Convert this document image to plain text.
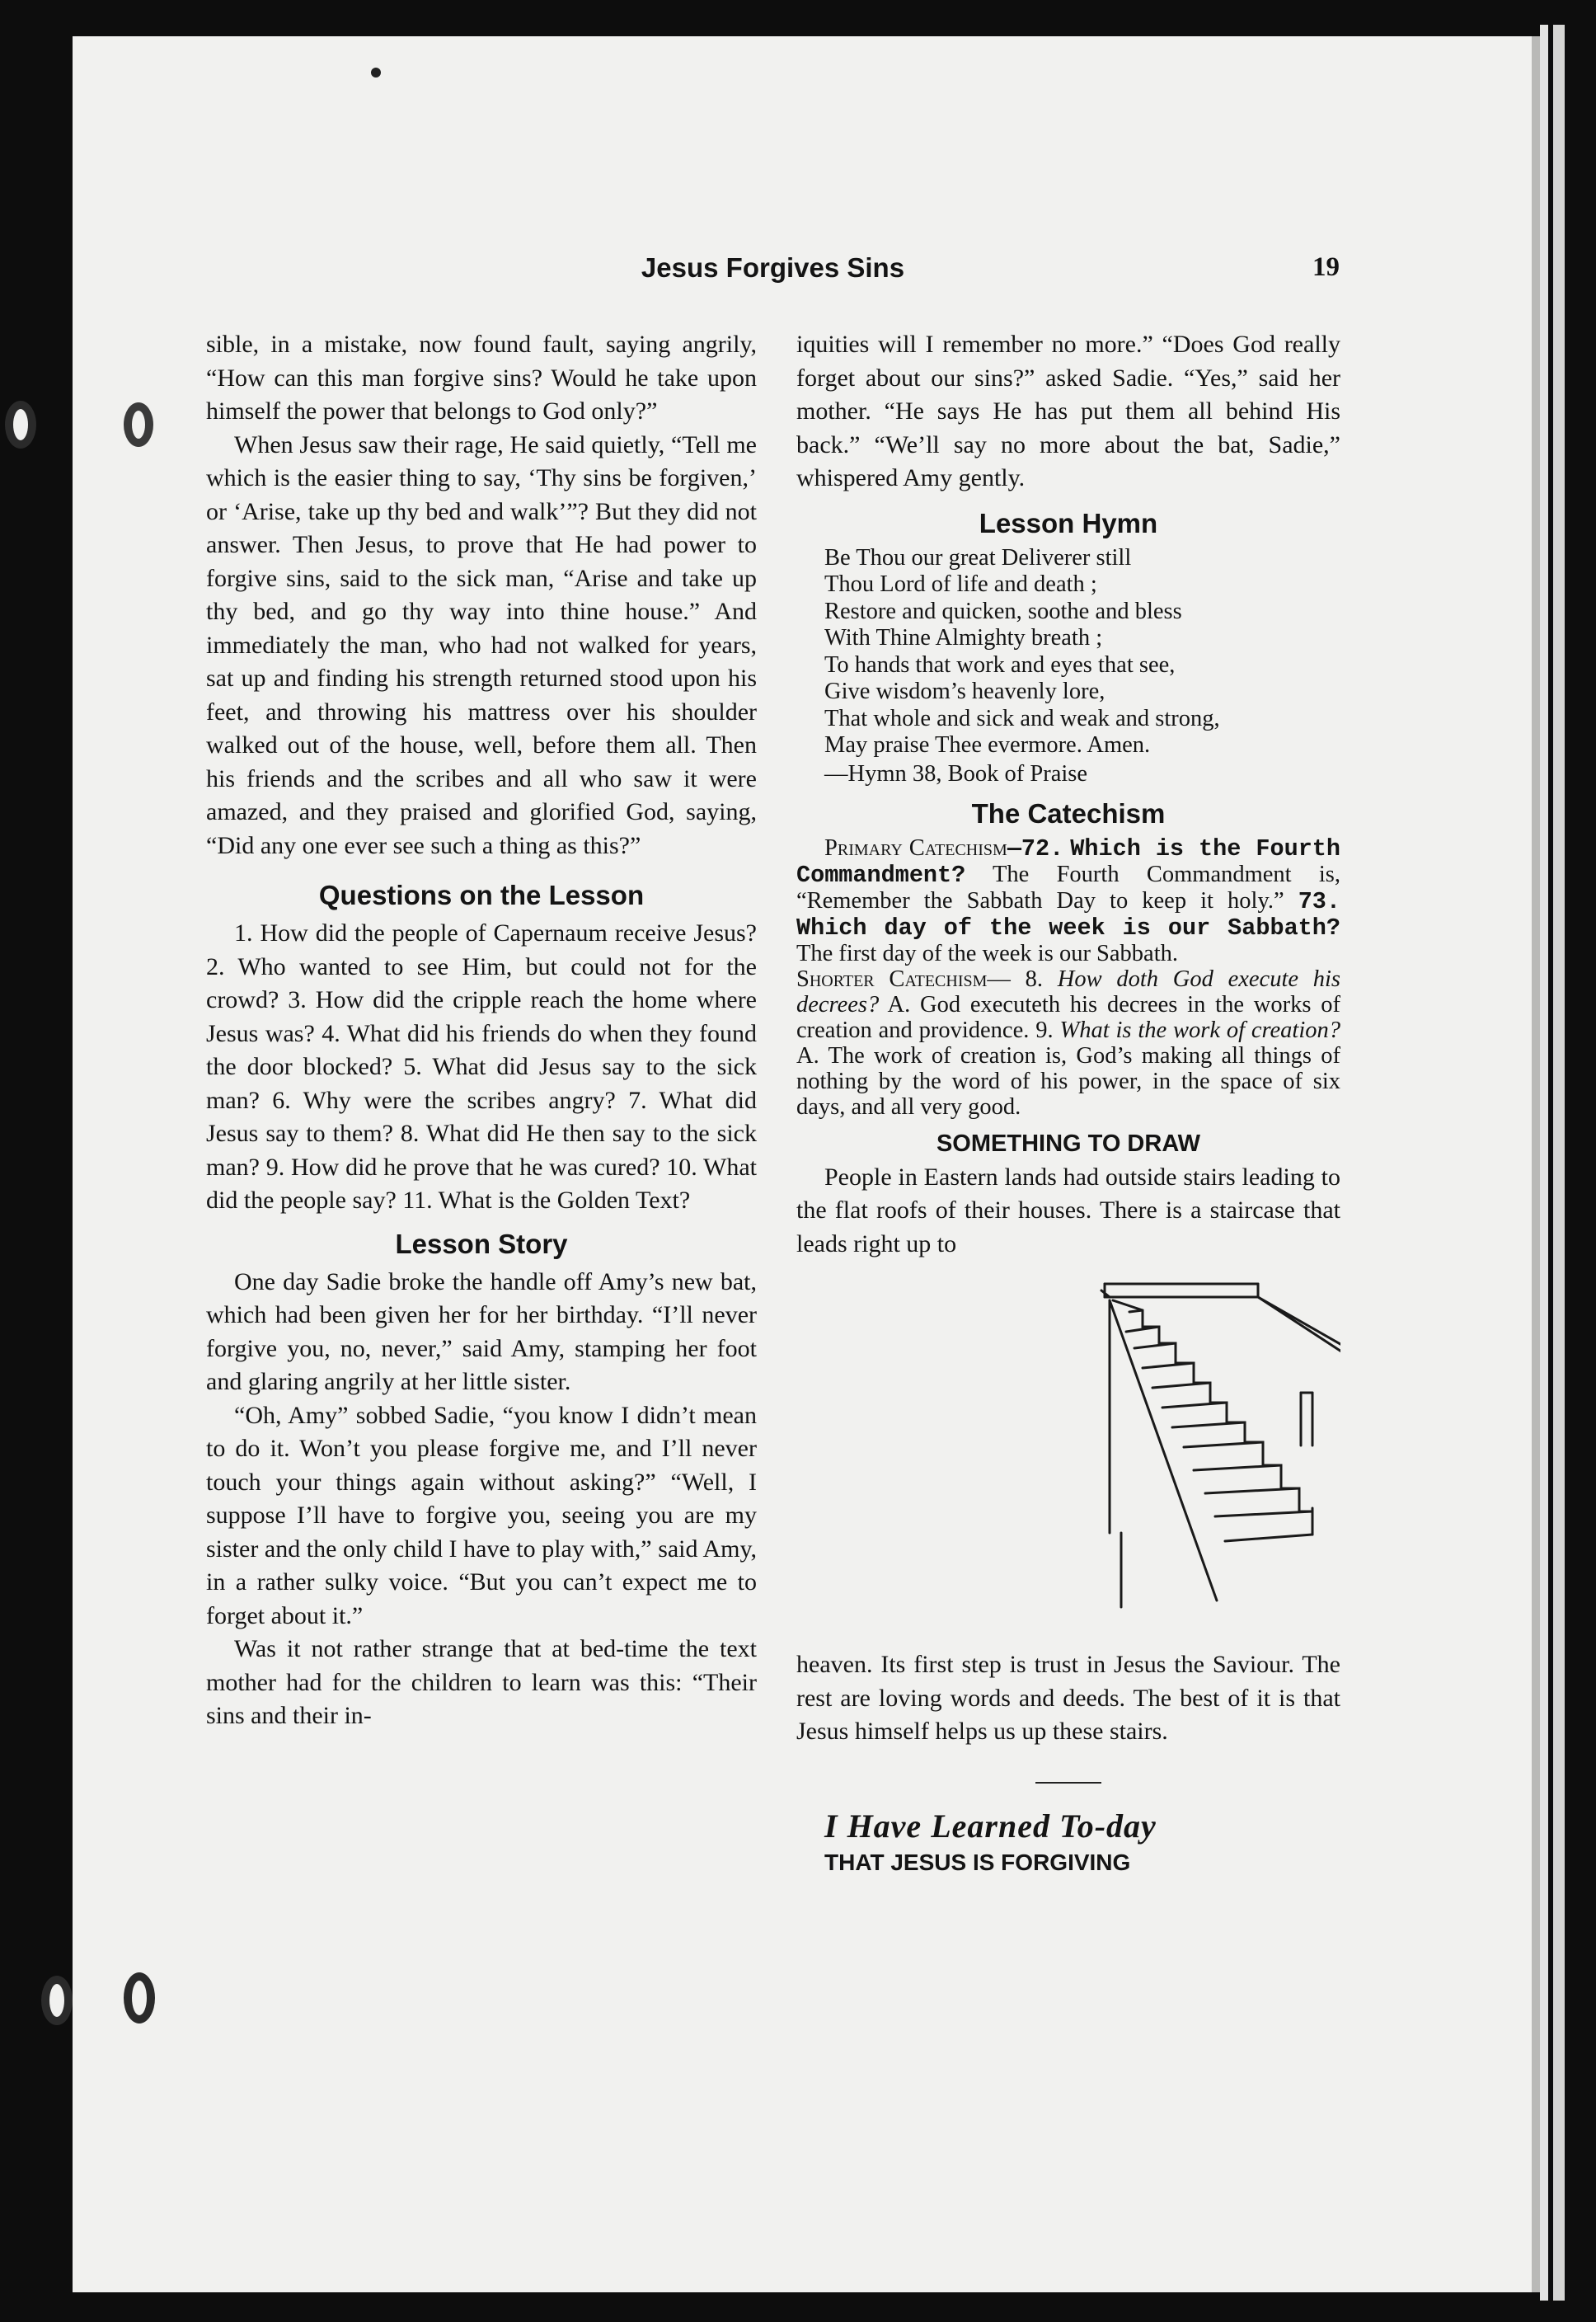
Jesus Forgives Sins	19

sible, in a mistake, now found fault, saying angrily, “How can this man forgive sins? Would he take upon himself the power that belongs to God only?”

When Jesus saw their rage, He said quietly, “Tell me which is the easier thing to say, ‘Thy sins be forgiven,’ or ‘Arise, take up thy bed and walk’”? But they did not answer. Then Jesus, to prove that He had power to forgive sins, said to the sick man, “Arise and take up thy bed, and go thy way into thine house.” And immediately the man, who had not walked for years, sat up and finding his strength returned stood upon his feet, and throwing his mattress over his shoulder walked out of the house, well, before them all. Then his friends and the scribes and all who saw it were amazed, and they praised and glorified God, saying, “Did any one ever see such a thing as this?”

Questions on the Lesson

1. How did the people of Capernaum receive Jesus? 2. Who wanted to see Him, but could not for the crowd? 3. How did the cripple reach the home where Jesus was? 4. What did his friends do when they found the door blocked? 5. What did Jesus say to the sick man? 6. Why were the scribes angry? 7. What did Jesus say to them? 8. What did He then say to the sick man? 9. How did he prove that he was cured? 10. What did the people say? 11. What is the Golden Text?

Lesson Story

One day Sadie broke the handle off Amy’s new bat, which had been given her for her birthday. “I’ll never forgive you, no, never,” said Amy, stamping her foot and glaring angrily at her little sister.

“Oh, Amy” sobbed Sadie, “you know I didn’t mean to do it. Won’t you please forgive me, and I’ll never touch your things again without asking?” “Well, I suppose I’ll have to forgive you, seeing you are my sister and the only child I have to play with,” said Amy, in a rather sulky voice. “But you can’t expect me to forget about it.”

Was it not rather strange that at bed-time the text mother had for the children to learn was this: “Their sins and their in-

iquities will I remember no more.” “Does God really forget about our sins?” asked Sadie. “Yes,” said her mother. “He says He has put them all behind His back.” “We’ll say no more about the bat, Sadie,” whispered Amy gently.

Lesson Hymn

Be Thou our great Deliverer still

Thou Lord of life and death ;

Restore and quicken, soothe and bless

With Thine Almighty breath ;

To hands that work and eyes that see,

Give wisdom’s heavenly lore,

That whole and sick and weak and strong,

May praise Thee evermore. Amen.

—Hymn 38, Book of Praise

The Catechism

Primary Catechism—72. Which is the Fourth Commandment? The Fourth Commandment is, “Remember the Sabbath Day to keep it holy.” 73. Which day of the week is our Sabbath? The first day of the week is our Sabbath.

Shorter Catechism— 8. How doth God execute his decrees? A. God executeth his decrees in the works of creation and providence. 9. What is the work of creation? A. The work of creation is, God’s making all things of nothing by the word of his power, in the space of six days, and all very good.

SOMETHING TO DRAW

People in Eastern lands had outside stairs leading to the flat roofs of their houses. There is a staircase that leads right up to

heaven. Its first step is trust in Jesus the Saviour. The rest are loving words and deeds. The best of it is that Jesus himself helps us up these stairs.

I Have Learned To-day

THAT JESUS IS FORGIVING
